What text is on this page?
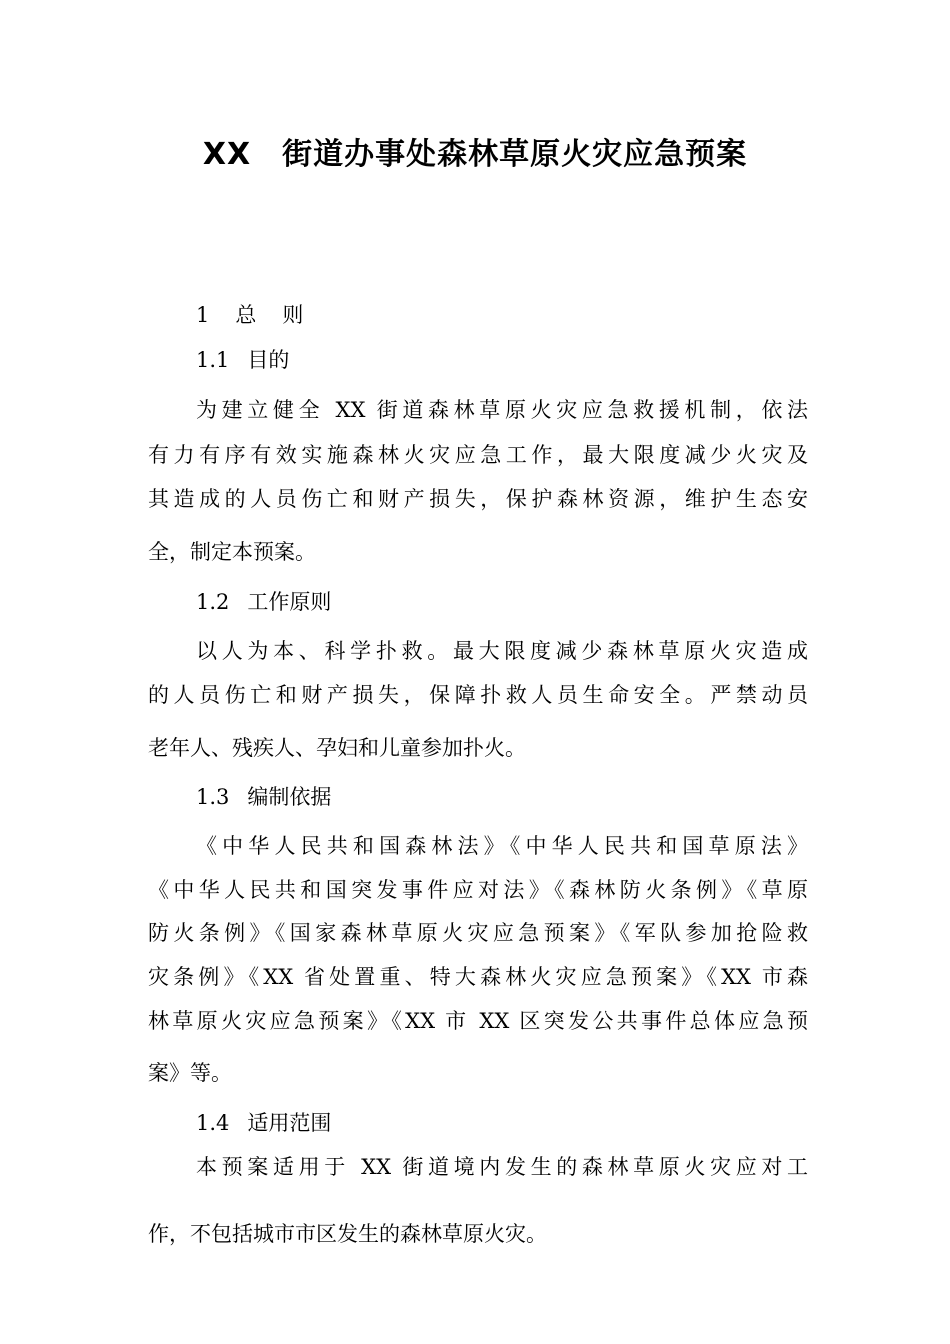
XX　街道办事处森林草原火灾应急预案
1 总则
1.1 目的

为建立健全 XX 街道森林草原火灾应急救援机制，依法

有力有序有效实施森林火灾应急工作，最大限度减少火灾及

其造成的人员伤亡和财产损失，保护森林资源，维护生态安

全，制定本预案。

1.2 工作原则

以人为本、科学扑救。最大限度减少森林草原火灾造成

的人员伤亡和财产损失，保障扑救人员生命安全。严禁动员

老年人、残疾人、孕妇和儿童参加扑火。

1.3 编制依据

《中华人民共和国森林法》《中华人民共和国草原法》

《中华人民共和国突发事件应对法》《森林防火条例》《草原

防火条例》《国家森林草原火灾应急预案》《军队参加抢险救

灾条例》《XX 省处置重、特大森林火灾应急预案》《XX 市森

林草原火灾应急预案》《XX 市 XX 区突发公共事件总体应急预

案》等。

1.4 适用范围

本预案适用于 XX 街道境内发生的森林草原火灾应对工

作，不包括城市市区发生的森林草原火灾。
